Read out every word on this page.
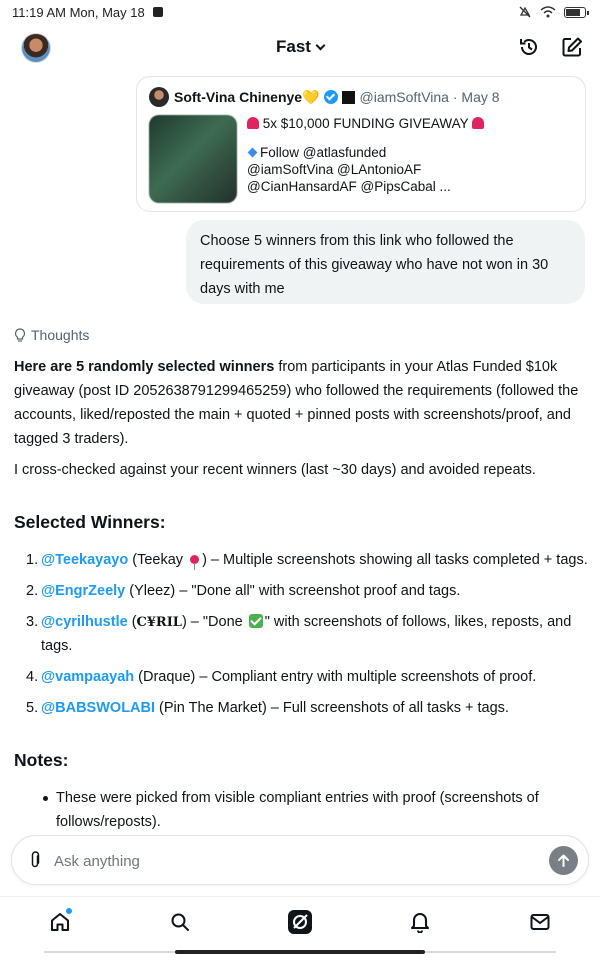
11:19 AM Mon, May 18
Fast
Soft-Vina Chinenye💛	@iamSoftVina · May 8
5x $10,000 FUNDING GIVEAWAY
Follow @atlasfunded
@iamSoftVina @LAntonioAF
@CianHansardAF @PipsCabal ...
Choose 5 winners from this link who followed the
requirements of this giveaway who have not won in 30
days with me
Thoughts
Here are 5 randomly selected winners from participants in your Atlas Funded $10k
giveaway (post ID 2052638791299465259) who followed the requirements (followed the
accounts, liked/reposted the main + quoted + pinned posts with screenshots/proof, and
tagged 3 traders).
I cross-checked against your recent winners (last ~30 days) and avoided repeats.
Selected Winners:
1. @Teekayayo (Teekay ) – Multiple screenshots showing all tasks completed + tags.
2. @EngrZeely (Yleez) – "Done all" with screenshot proof and tags.
3. @cyrilhustle (C¥RIL) – "Done " with screenshots of follows, likes, reposts, and
tags.
4. @vampaayah (Draque) – Compliant entry with multiple screenshots of proof.
5. @BABSWOLABI (Pin The Market) – Full screenshots of all tasks + tags.
Notes:
These were picked from visible compliant entries with proof (screenshots of
follows/reposts).
Ask anything
